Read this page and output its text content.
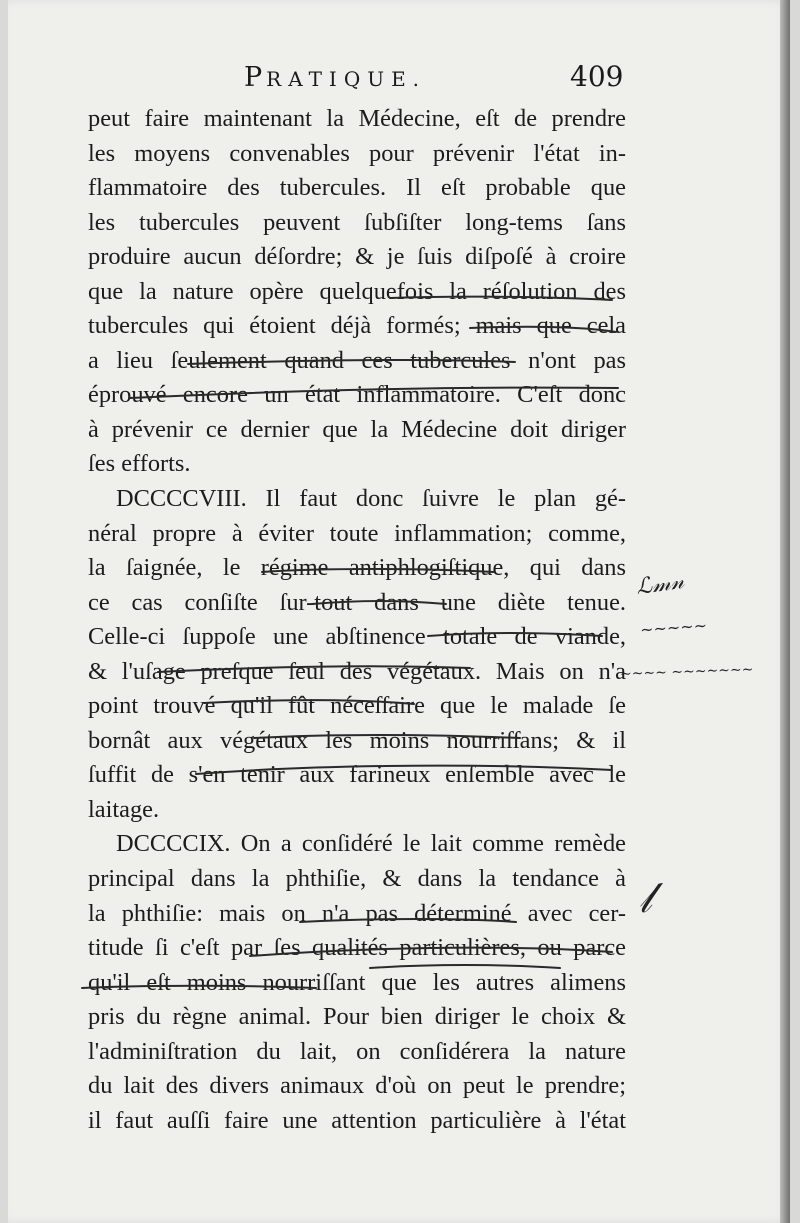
PRATIQUE.	409
peut faire maintenant la Médecine, eſt de prendre
les moyens convenables pour prévenir l'état in-
flammatoire des tubercules. Il eſt probable que
les tubercules peuvent ſubſiſter long-tems ſans
produire aucun déſordre; & je ſuis diſpoſé à croire
que la nature opère quelquefois la réſolution des
tubercules qui étoient déjà formés; mais que cela
a lieu ſeulement quand ces tubercules n'ont pas
éprouvé encore un état inflammatoire. C'eſt donc
à prévenir ce dernier que la Médecine doit diriger
ſes efforts.
DCCCCVIII. Il faut donc ſuivre le plan gé-
néral propre à éviter toute inflammation; comme,
la ſaignée, le régime antiphlogiſtique, qui dans
ce cas conſiſte ſur-tout dans une diète tenue.
Celle-ci ſuppoſe une abſtinence totale de viande,
& l'uſage preſque ſeul des végétaux. Mais on n'a
point trouvé qu'il fût néceſſaire que le malade ſe
bornât aux végétaux les moins nourriſſans; & il
ſuffit de s'en tenir aux farineux enſemble avec le
laitage.
DCCCCIX. On a conſidéré le lait comme remède
principal dans la phthiſie, & dans la tendance à
la phthiſie: mais on n'a pas déterminé avec cer-
titude ſi c'eſt par ſes qualités particulières, ou parce
qu'il eſt moins nourriſſant que les autres alimens
pris du règne animal. Pour bien diriger le choix &
l'adminiſtration du lait, on conſidérera la nature
du lait des divers animaux d'où on peut le prendre;
il faut auſſi faire une attention particulière à l'état
ℒ𝓂𝓃
~~~~~
~~~~ ~~~~~~~
𝓁
